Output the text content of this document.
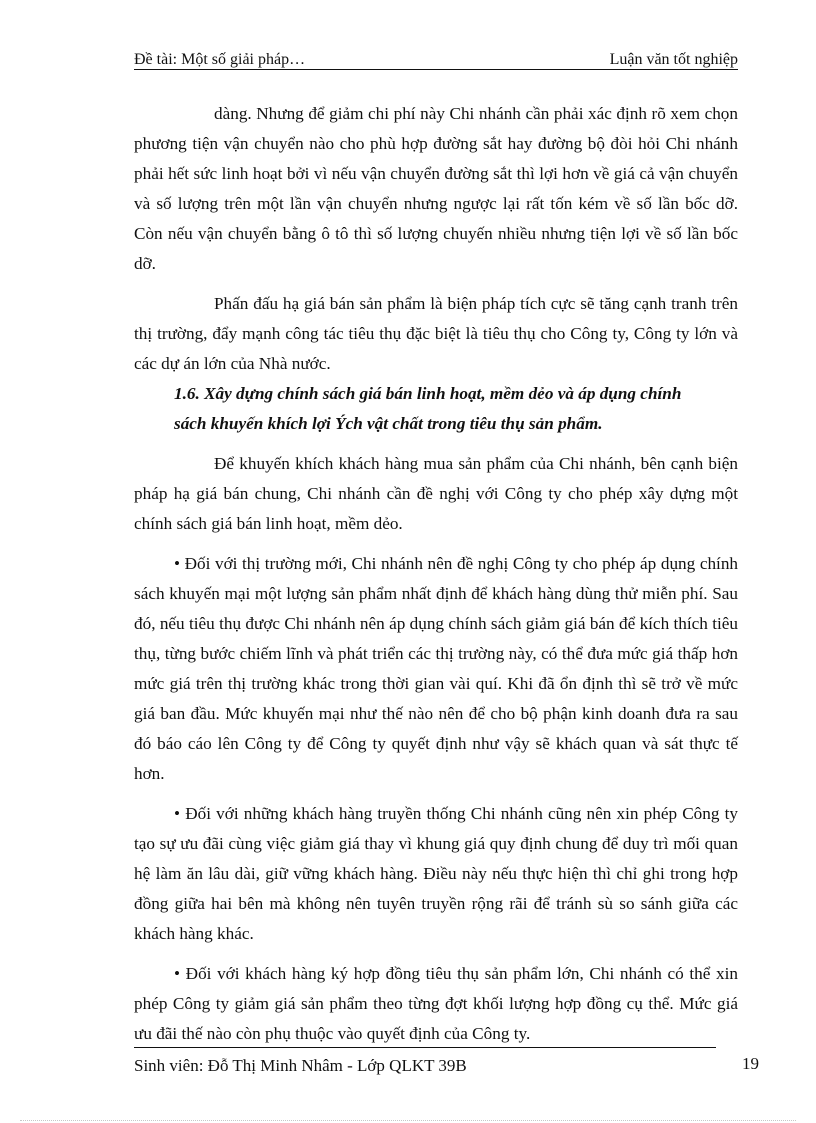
Đề tài: Một số giải pháp…	Luận văn tốt nghiệp

dàng. Nhưng để giảm chi phí này Chi nhánh cần phải xác định rõ xem chọn phương tiện vận chuyển nào cho phù hợp đường sắt hay đường bộ đòi hỏi Chi nhánh phải hết sức linh hoạt bởi vì nếu vận chuyển đường sắt thì lợi hơn về giá cả vận chuyển và số lượng trên một lần vận chuyển nhưng ngược lại rất tốn kém về số lần bốc dỡ. Còn nếu vận chuyển bằng ô tô thì số lượng chuyến nhiều nhưng tiện lợi về số lần bốc dỡ.

Phấn đấu hạ giá bán sản phẩm là biện pháp tích cực sẽ tăng cạnh tranh trên thị trường, đẩy mạnh công tác tiêu thụ đặc biệt là tiêu thụ cho Công ty, Công ty lớn và các dự án lớn của Nhà nước.

1.6. Xây dựng chính sách giá bán linh hoạt, mềm dẻo và áp dụng chính sách khuyến khích lợi Ých vật chất trong tiêu thụ sản phẩm.

Để khuyến khích khách hàng mua sản phẩm của Chi nhánh, bên cạnh biện pháp hạ giá bán chung, Chi nhánh cần đề nghị với Công ty cho phép xây dựng một chính sách giá bán linh hoạt, mềm dẻo.

• Đối với thị trường mới, Chi nhánh nên đề nghị Công ty cho phép áp dụng chính sách khuyến mại một lượng sản phẩm nhất định để khách hàng dùng thử miễn phí. Sau đó, nếu tiêu thụ được Chi nhánh nên áp dụng chính sách giảm giá bán để kích thích tiêu thụ, từng bước chiếm lĩnh và phát triển các thị trường này, có thể đưa mức giá thấp hơn mức giá trên thị trường khác trong thời gian vài quí. Khi đã ổn định thì sẽ trở về mức giá ban đầu. Mức khuyến mại như thế nào nên để cho bộ phận kinh doanh đưa ra sau đó báo cáo lên Công ty để Công ty quyết định như vậy sẽ khách quan và sát thực tế hơn.

• Đối với những khách hàng truyền thống Chi nhánh cũng nên xin phép Công ty tạo sự ưu đãi cùng việc giảm giá thay vì khung giá quy định chung để duy trì mối quan hệ làm ăn lâu dài, giữ vững khách hàng. Điều này nếu thực hiện thì chỉ ghi trong hợp đồng giữa hai bên mà không nên tuyên truyền rộng rãi để tránh sù so sánh giữa các khách hàng khác.

• Đối với khách hàng ký hợp đồng tiêu thụ sản phẩm lớn, Chi nhánh có thể xin phép Công ty giảm giá sản phẩm theo từng đợt khối lượng hợp đồng cụ thể. Mức giá ưu đãi thế nào còn phụ thuộc vào quyết định của Công ty.

Sinh viên: Đỗ Thị Minh Nhâm - Lớp QLKT 39B	19
